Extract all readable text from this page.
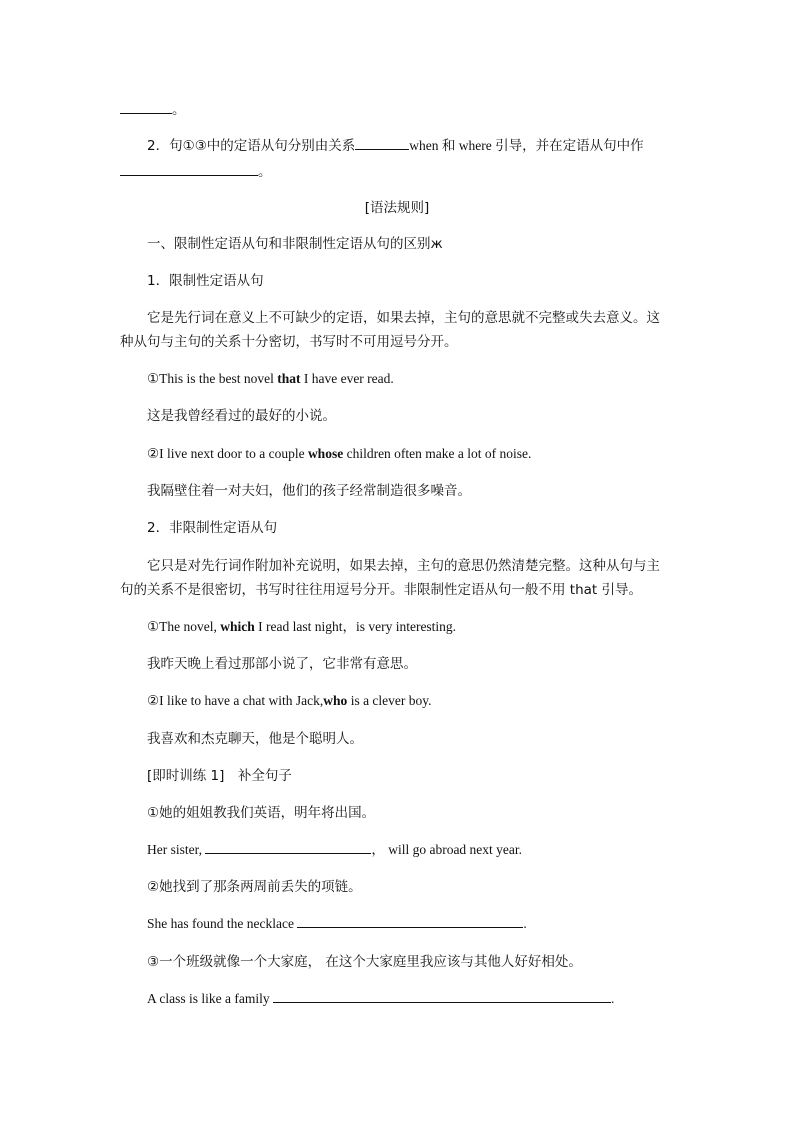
。
2．句①③中的定语从句分别由关系	when 和 where 引导，并在定语从句中作
。
[语法规则]
一、限制性定语从句和非限制性定语从句的区别ж
1．限制性定语从句
它是先行词在意义上不可缺少的定语，如果去掉，主句的意思就不完整或失去意义。这
种从句与主句的关系十分密切，书写时不可用逗号分开。
①This is the best novel that I have ever read.
这是我曾经看过的最好的小说。
②I live next door to a couple whose children often make a lot of noise.
我隔壁住着一对夫妇，他们的孩子经常制造很多噪音。
2．非限制性定语从句
它只是对先行词作附加补充说明，如果去掉，主句的意思仍然清楚完整。这种从句与主
句的关系不是很密切，书写时往往用逗号分开。非限制性定语从句一般不用 that 引导。
①The novel, which I read last night，is very interesting.
我昨天晚上看过那部小说了，它非常有意思。
②I like to have a chat with Jack,who is a clever boy.
我喜欢和杰克聊天，他是个聪明人。
[即时训练 1]　补全句子
①她的姐姐教我们英语，明年将出国。
Her sister,	， will go abroad next year.
②她找到了那条两周前丢失的项链。
She has found the necklace	.
③一个班级就像一个大家庭， 在这个大家庭里我应该与其他人好好相处。
A class is like a family	.
